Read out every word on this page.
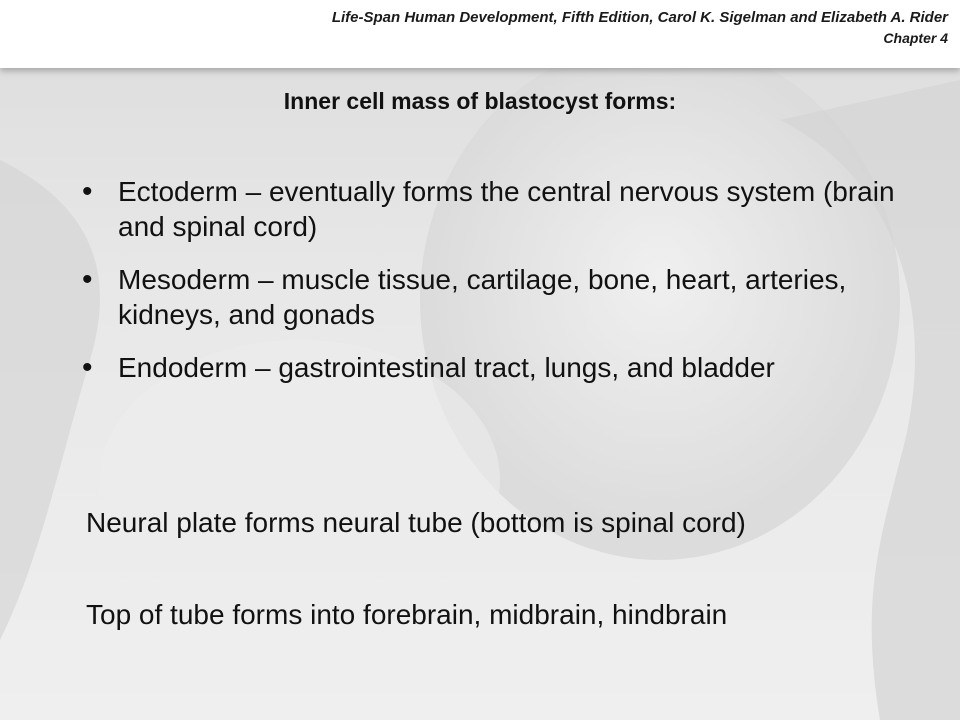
Life-Span Human Development, Fifth Edition, Carol K. Sigelman and Elizabeth A. Rider
Chapter 4
Inner cell mass of blastocyst forms:
• Ectoderm – eventually forms the central nervous system (brain and spinal cord)
• Mesoderm – muscle tissue, cartilage, bone, heart, arteries, kidneys, and gonads
• Endoderm – gastrointestinal tract, lungs, and bladder
Neural plate forms neural tube (bottom is spinal cord)
Top of tube forms into forebrain, midbrain, hindbrain
